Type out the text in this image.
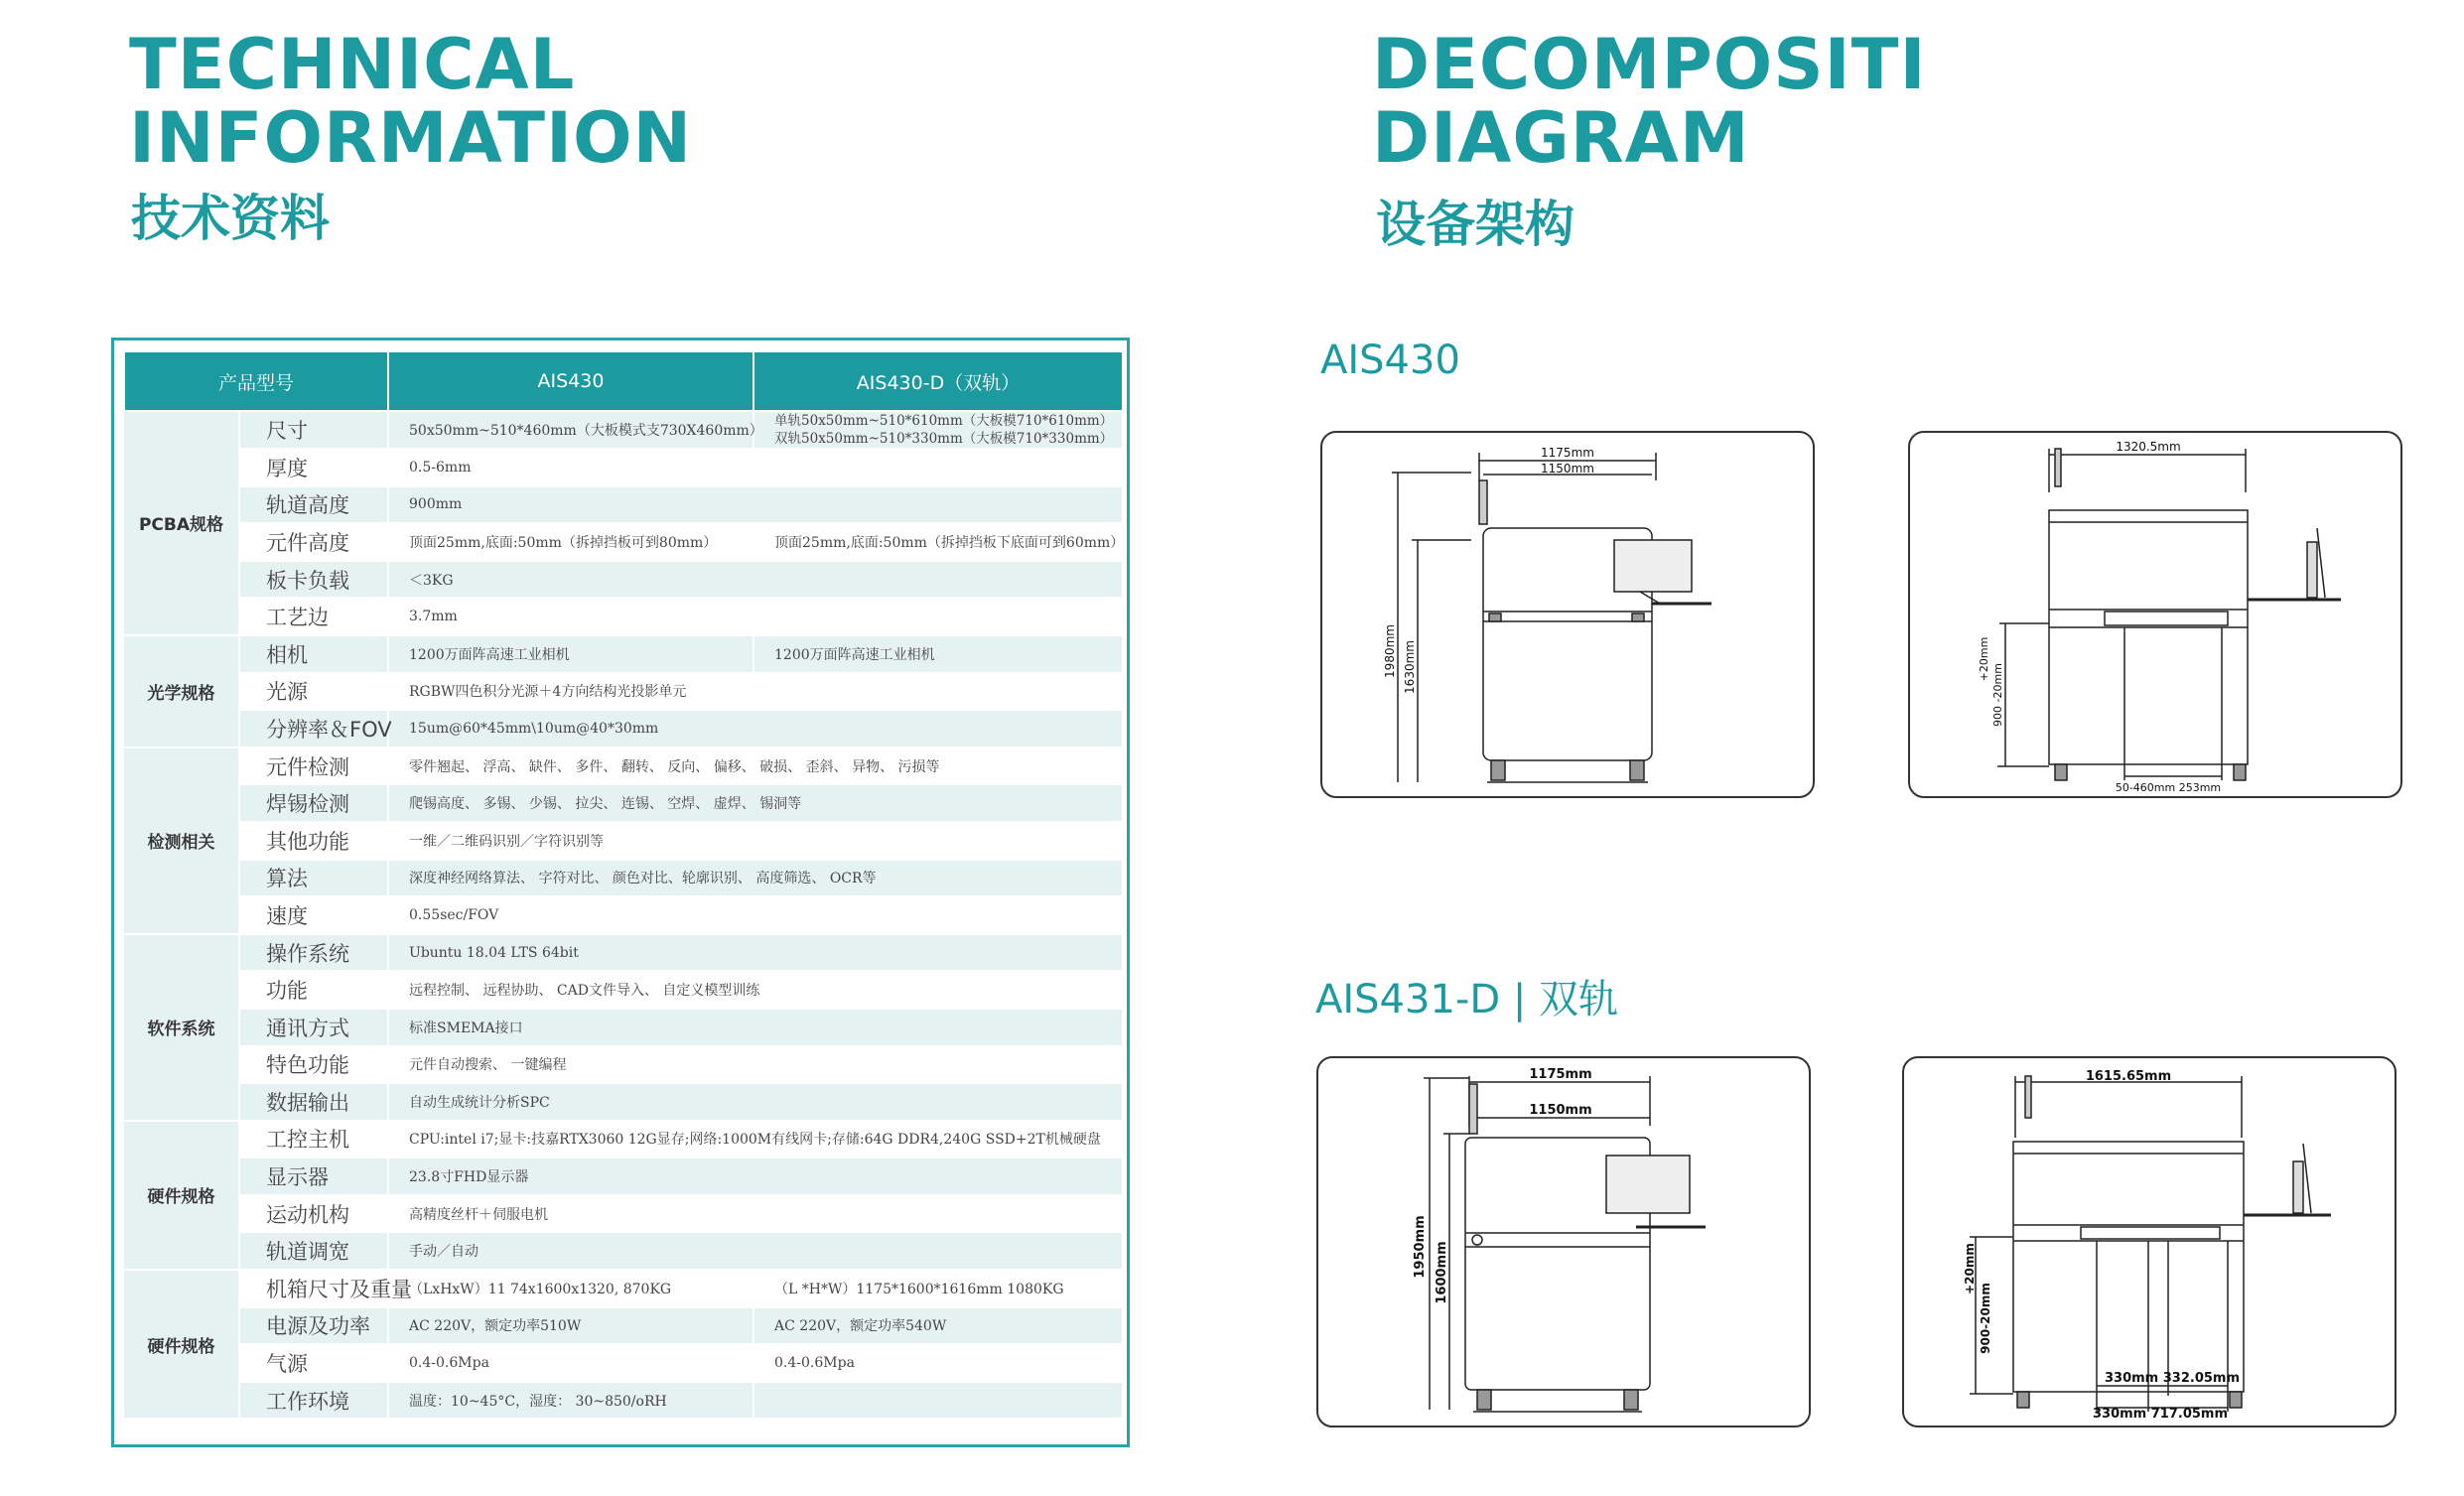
TECHNICAL
INFORMATION
技术资料
DECOMPOSITI
DIAGRAM
设备架构
产品型号		AIS430	AIS430-D（双轨）
PCBA规格	尺寸	50x50mm~510*460mm（大板模式支730X460mm）	单轨50x50mm~510*610mm（大板模710*610mm）
双轨50x50mm~510*330mm（大板模710*330mm）

	厚度	0.5-6mm	
	轨道高度	900mm	
	元件高度	顶面25mm,底面:50mm（拆掉挡板可到80mm）	顶面25mm,底面:50mm（拆掉挡板下底面可到60mm）
	板卡负载	＜3KG	
	工艺边	3.7mm	
光学规格	相机	1200万面阵高速工业相机	1200万面阵高速工业相机
	光源	RGBW四色积分光源＋4方向结构光投影单元	
	分辨率＆FOV	15um@60*45mm\10um@40*30mm	
检测相关	元件检测	零件翘起、 浮高、 缺件、 多件、 翻转、 反向、 偏移、 破损、 歪斜、 异物、 污损等	
	焊锡检测	爬锡高度、 多锡、 少锡、 拉尖、 连锡、 空焊、 虚焊、 锡洞等	
	其他功能	一维／二维码识别／字符识别等	
	算法	深度神经网络算法、 字符对比、 颜色对比、轮廓识别、 高度筛选、 OCR等	
	速度	0.55sec/FOV	
软件系统	操作系统	Ubuntu 18.04 LTS 64bit	
	功能	远程控制、 远程协助、 CAD文件导入、 自定义模型训练	
	通讯方式	标准SMEMA接口	
	特色功能	元件自动搜索、 一键编程	
	数据输出	自动生成统计分析SPC	
硬件规格	工控主机	CPU:intel i7;显卡:技嘉RTX3060 12G显存;网络:1000M有线网卡;存储:64G DDR4,240G SSD+2T机械硬盘	
	显示器	23.8寸FHD显示器	
	运动机构	高精度丝杆＋伺服电机	
	轨道调宽	手动／自动	
硬件规格	机箱尺寸及重量	（LxHxW）11 74x1600x1320, 870KG	（L *H*W）1175*1600*1616mm 1080KG
	电源及功率	AC 220V，额定功率510W	AC 220V，额定功率540W
	气源	0.4-0.6Mpa	0.4-0.6Mpa
	工作环境	温度：10~45°C，湿度： 30~850/oRH	
AIS430
AIS431-D | 双轨
1175mm
1150mm
1980mm 1630mm
1320.5mm
900 -20mm
+20mm
50-460mm 253mm
1175mm
1150mm
1950mm 1600mm
1615.65mm
900-20mm
+20mm
330mm 332.05mm
330mm 717.05mm
